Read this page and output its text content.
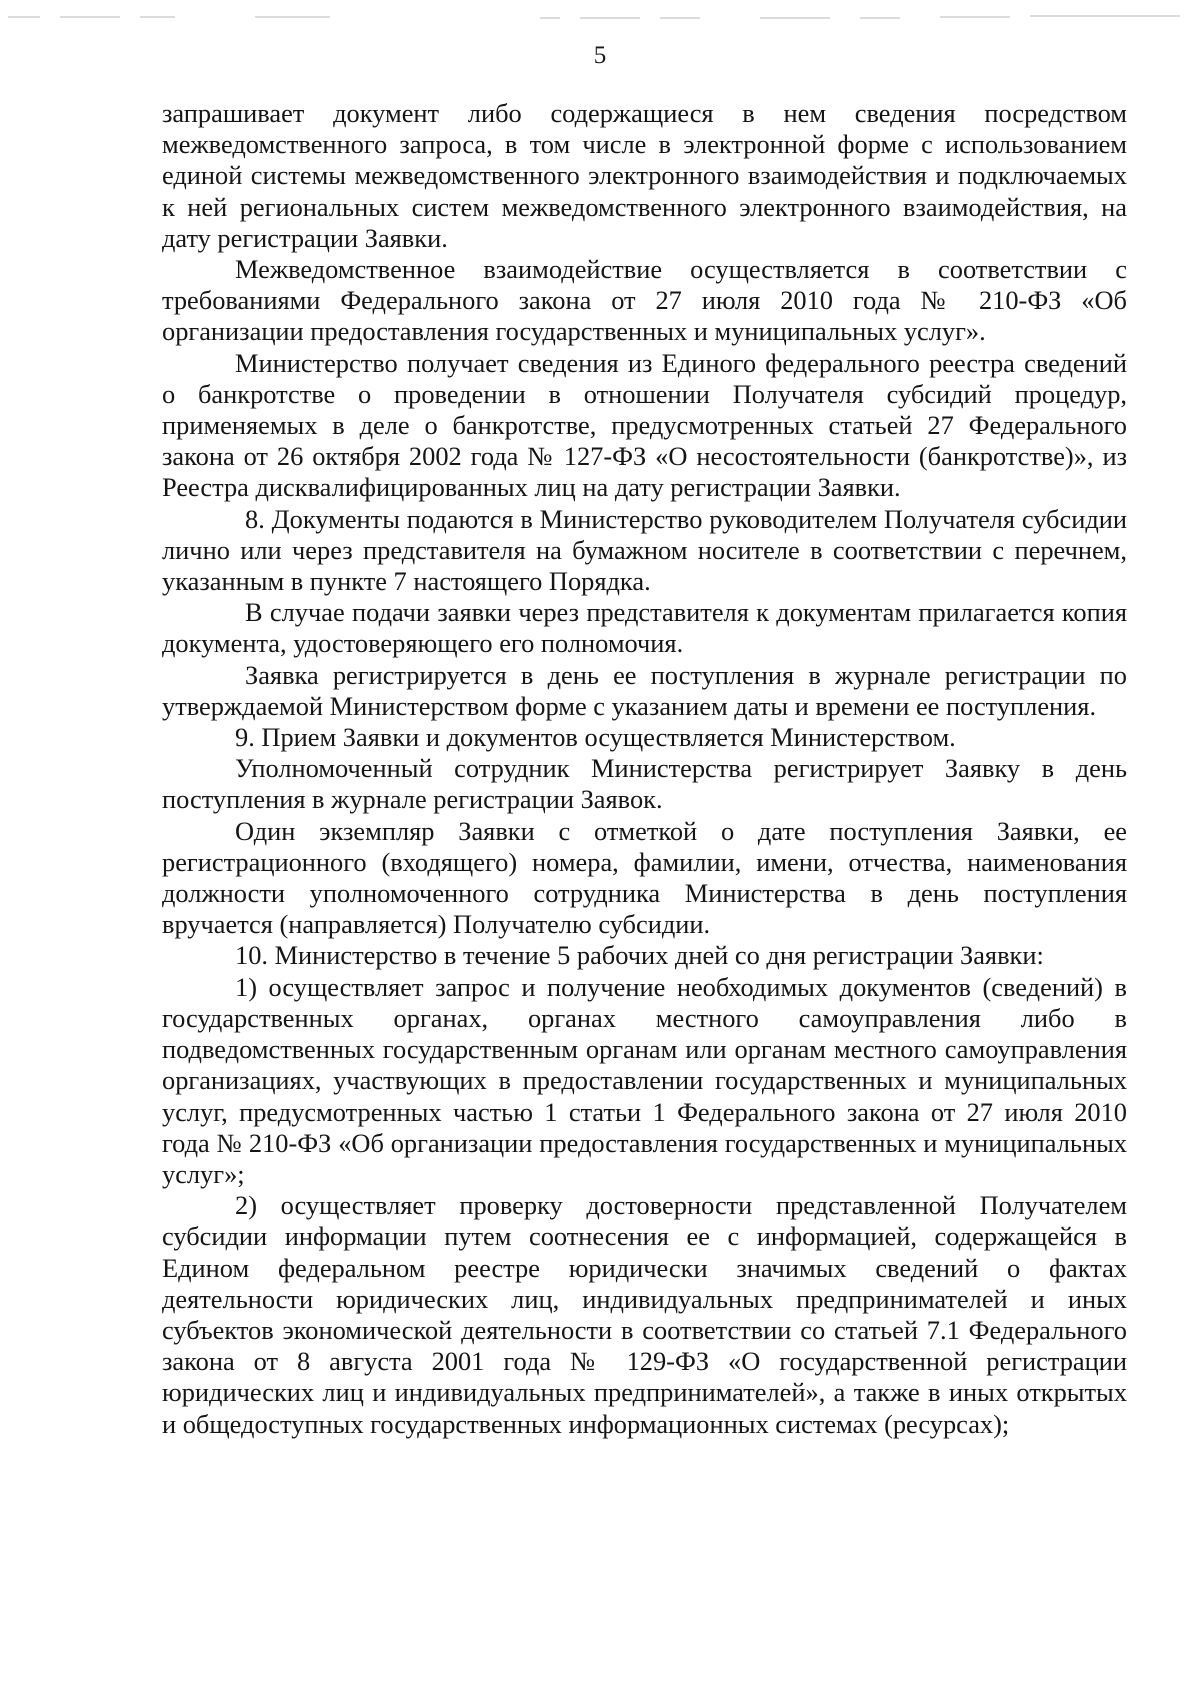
5

запрашивает документ либо содержащиеся в нем сведения посредством межведомственного запроса, в том числе в электронной форме с использованием единой системы межведомственного электронного взаимодействия и подключаемых к ней региональных систем межведомственного электронного взаимодействия, на дату регистрации Заявки.

Межведомственное взаимодействие осуществляется в соответствии с требованиями Федерального закона от 27 июля 2010 года № 210-ФЗ «Об организации предоставления государственных и муниципальных услуг».

Министерство получает сведения из Единого федерального реестра сведений о банкротстве о проведении в отношении Получателя субсидий процедур, применяемых в деле о банкротстве, предусмотренных статьей 27 Федерального закона от 26 октября 2002 года № 127-ФЗ «О несостоятельности (банкротстве)», из Реестра дисквалифицированных лиц на дату регистрации Заявки.

8. Документы подаются в Министерство руководителем Получателя субсидии лично или через представителя на бумажном носителе в соответствии с перечнем, указанным в пункте 7 настоящего Порядка.

В случае подачи заявки через представителя к документам прилагается копия документа, удостоверяющего его полномочия.

Заявка регистрируется в день ее поступления в журнале регистрации по утверждаемой Министерством форме с указанием даты и времени ее поступления.

9. Прием Заявки и документов осуществляется Министерством.

Уполномоченный сотрудник Министерства регистрирует Заявку в день поступления в журнале регистрации Заявок.

Один экземпляр Заявки с отметкой о дате поступления Заявки, ее регистрационного (входящего) номера, фамилии, имени, отчества, наименования должности уполномоченного сотрудника Министерства в день поступления вручается (направляется) Получателю субсидии.

10. Министерство в течение 5 рабочих дней со дня регистрации Заявки:

1) осуществляет запрос и получение необходимых документов (сведений) в государственных органах, органах местного самоуправления либо в подведомственных государственным органам или органам местного самоуправления организациях, участвующих в предоставлении государственных и муниципальных услуг, предусмотренных частью 1 статьи 1 Федерального закона от 27 июля 2010 года № 210-ФЗ «Об организации предоставления государственных и муниципальных услуг»;

2) осуществляет проверку достоверности представленной Получателем субсидии информации путем соотнесения ее с информацией, содержащейся в Едином федеральном реестре юридически значимых сведений о фактах деятельности юридических лиц, индивидуальных предпринимателей и иных субъектов экономической деятельности в соответствии со статьей 7.1 Федерального закона от 8 августа 2001 года № 129-ФЗ «О государственной регистрации юридических лиц и индивидуальных предпринимателей», а также в иных открытых и общедоступных государственных информационных системах (ресурсах);
